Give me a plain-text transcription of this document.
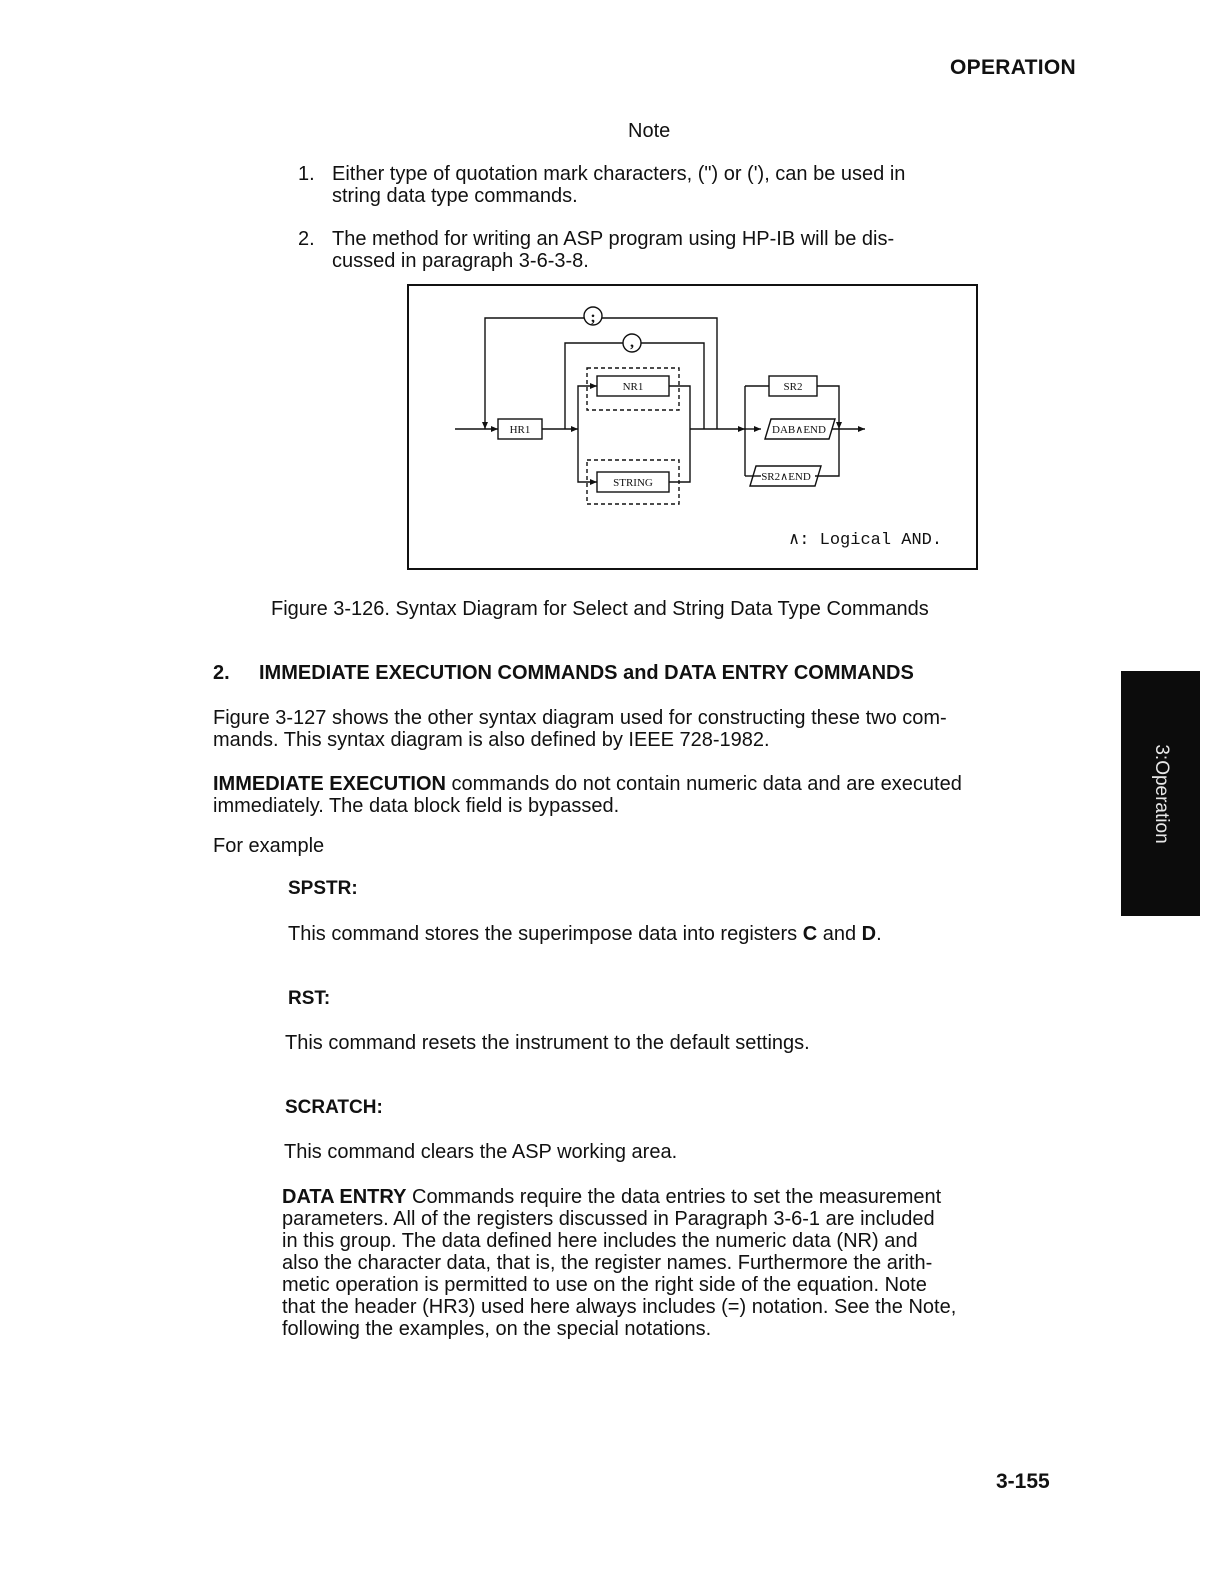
OPERATION
Note
1. Either type of quotation mark characters, (") or ('), can be used in
string data type commands.
2. The method for writing an ASP program using HP-IB will be dis-
cussed in paragraph 3-6-3-8.
HR1
NR1
STRING
SR2
DAB∧END
SR2∧END
;
,
∧: Logical AND.
Figure 3-126. Syntax Diagram for Select and String Data Type Commands
2. IMMEDIATE EXECUTION COMMANDS and DATA ENTRY COMMANDS
Figure 3-127 shows the other syntax diagram used for constructing these two com-
mands. This syntax diagram is also defined by IEEE 728-1982.
IMMEDIATE EXECUTION commands do not contain numeric data and are executed
immediately. The data block field is bypassed.
For example
SPSTR:
This command stores the superimpose data into registers C and D.
RST:
This command resets the instrument to the default settings.
SCRATCH:
This command clears the ASP working area.
DATA ENTRY Commands require the data entries to set the measurement
parameters. All of the registers discussed in Paragraph 3-6-1 are included
in this group. The data defined here includes the numeric data (NR) and
also the character data, that is, the register names. Furthermore the arith-
metic operation is permitted to use on the right side of the equation. Note
that the header (HR3) used here always includes (=) notation. See the Note,
following the examples, on the special notations.
3:Operation
3-155
